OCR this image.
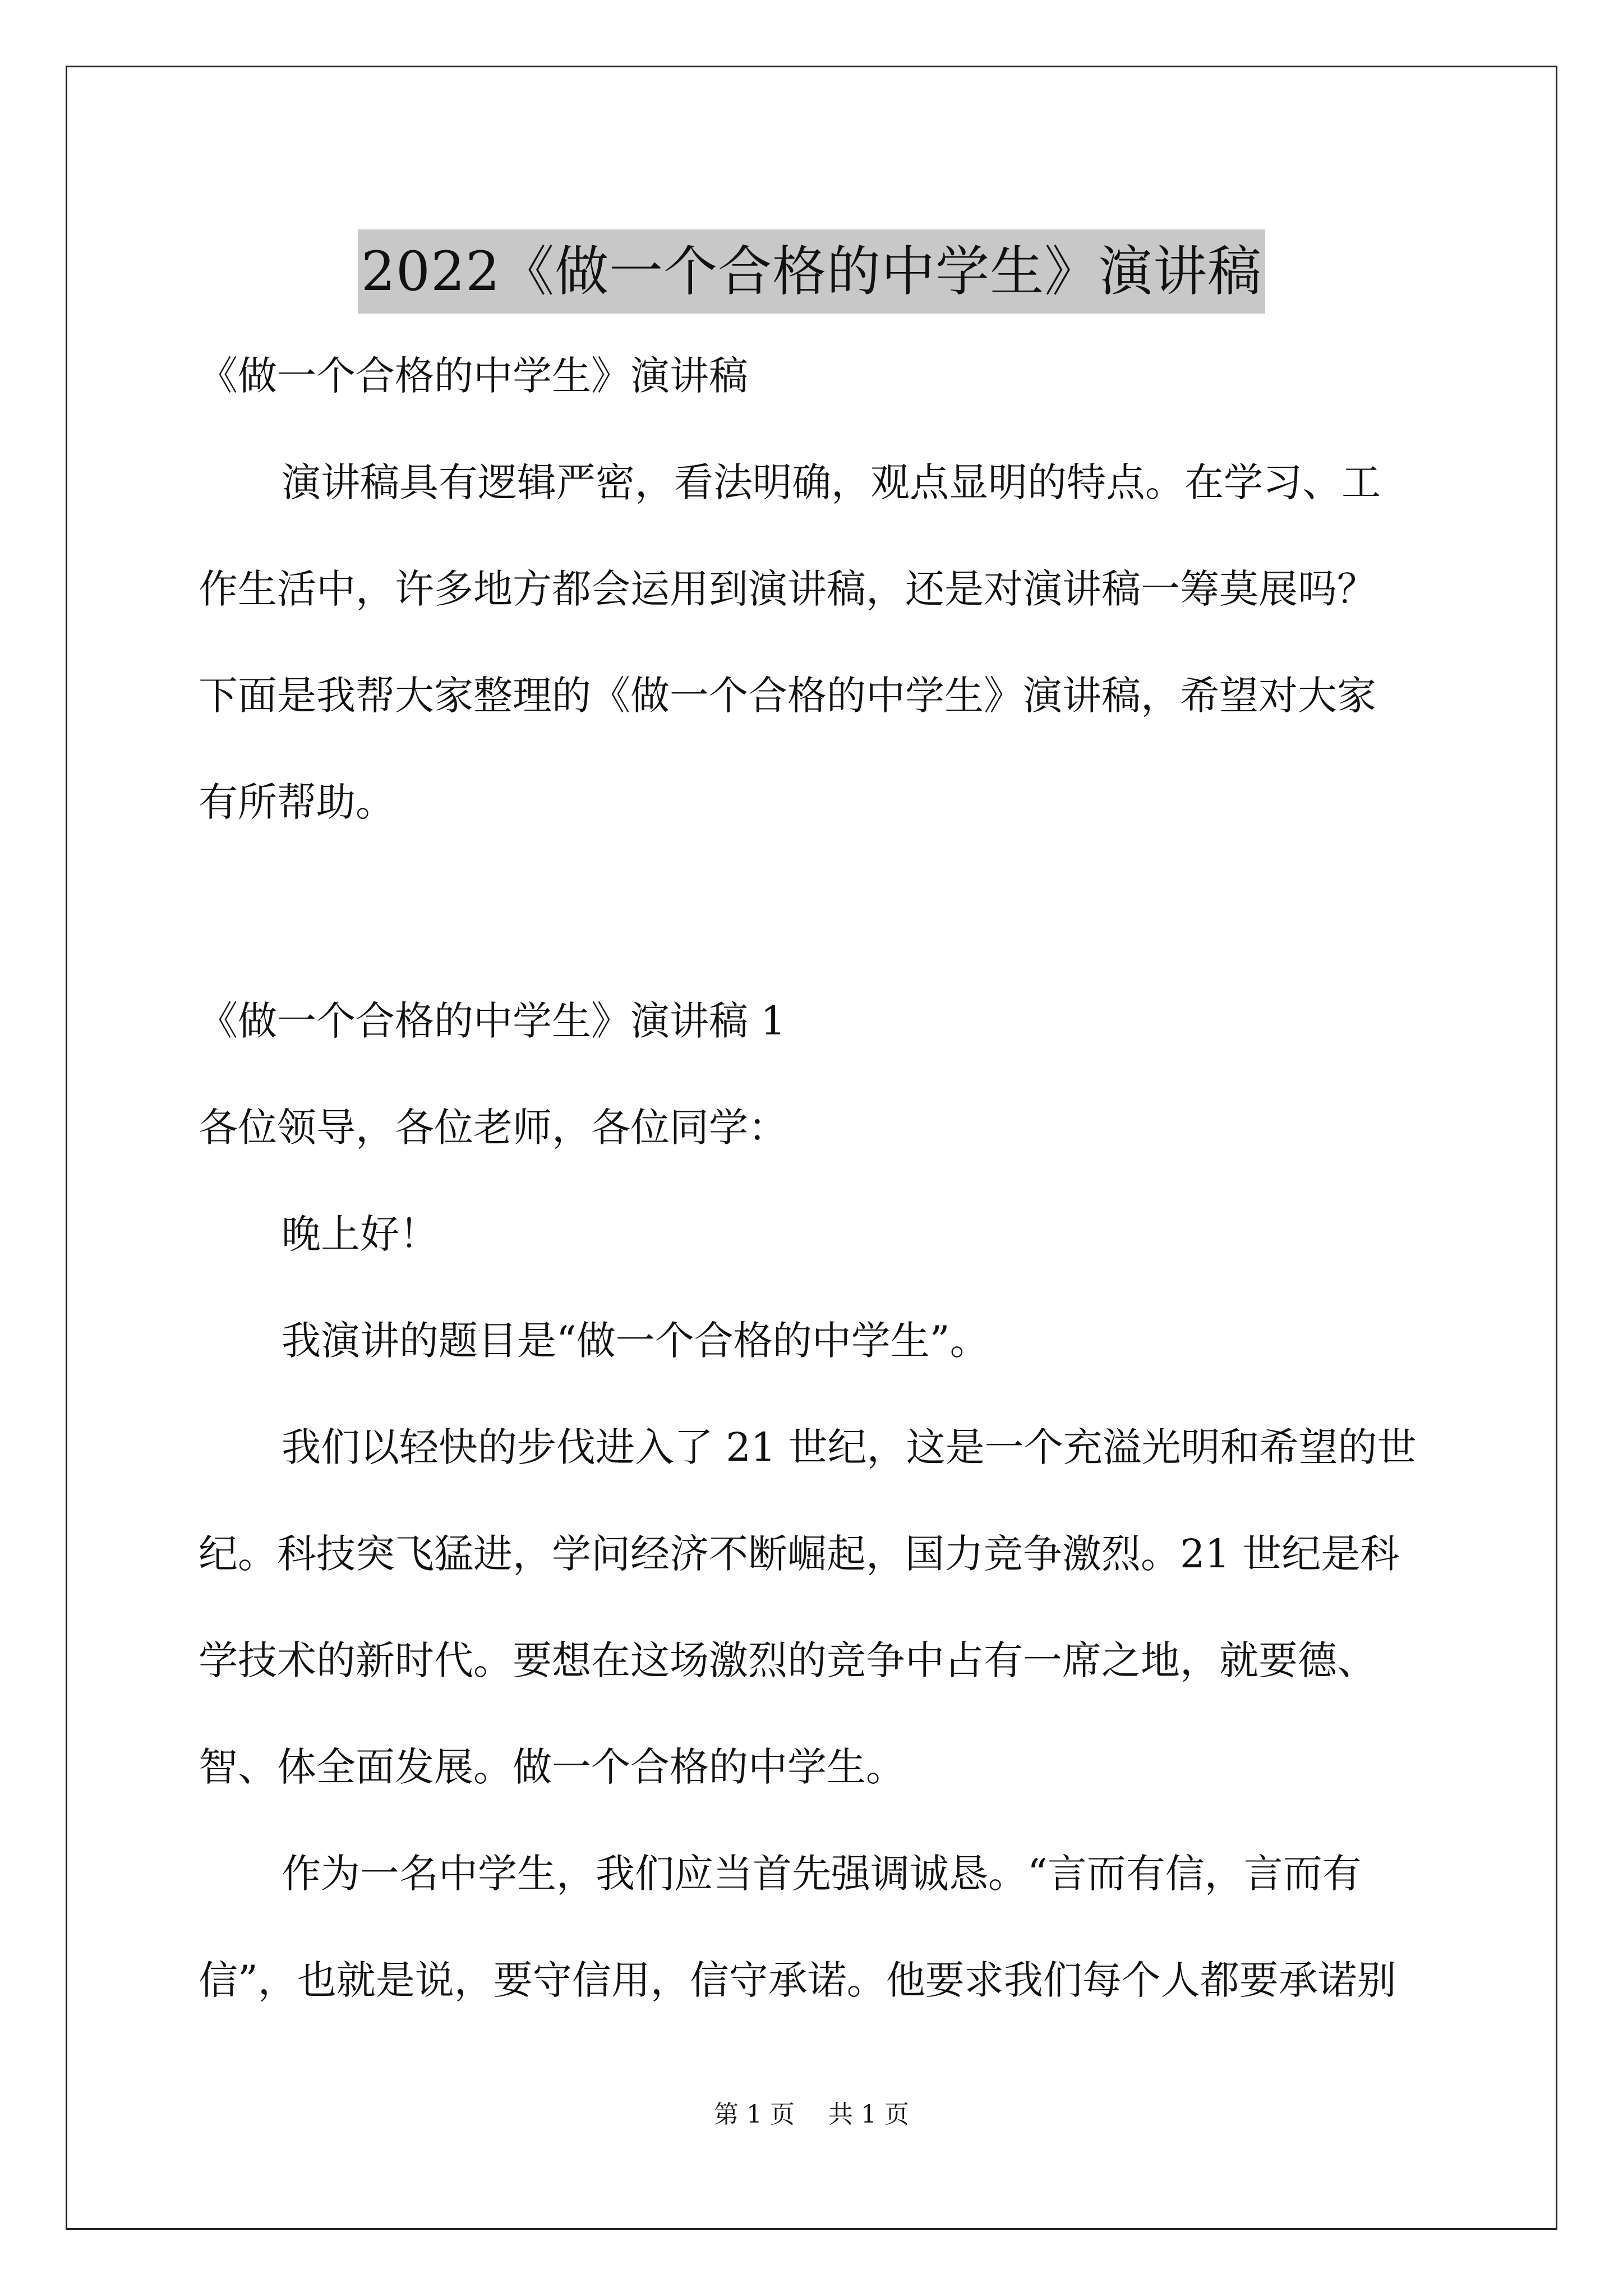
2022《做一个合格的中学生》演讲稿
《做一个合格的中学生》演讲稿
演讲稿具有逻辑严密，看法明确，观点显明的特点。在学习、工
作生活中，许多地方都会运用到演讲稿，还是对演讲稿一筹莫展吗？
下面是我帮大家整理的《做一个合格的中学生》演讲稿，希望对大家
有所帮助。
《做一个合格的中学生》演讲稿 1
各位领导，各位老师，各位同学：
晚上好！
我演讲的题目是“做一个合格的中学生”。
我们以轻快的步伐进入了 21 世纪，这是一个充溢光明和希望的世
纪。科技突飞猛进，学问经济不断崛起，国力竞争激烈。21 世纪是科
学技术的新时代。要想在这场激烈的竞争中占有一席之地，就要德、
智、体全面发展。做一个合格的中学生。
作为一名中学生，我们应当首先强调诚恳。“言而有信，言而有
信”，也就是说，要守信用，信守承诺。他要求我们每个人都要承诺别
第 1 页 共 1 页
